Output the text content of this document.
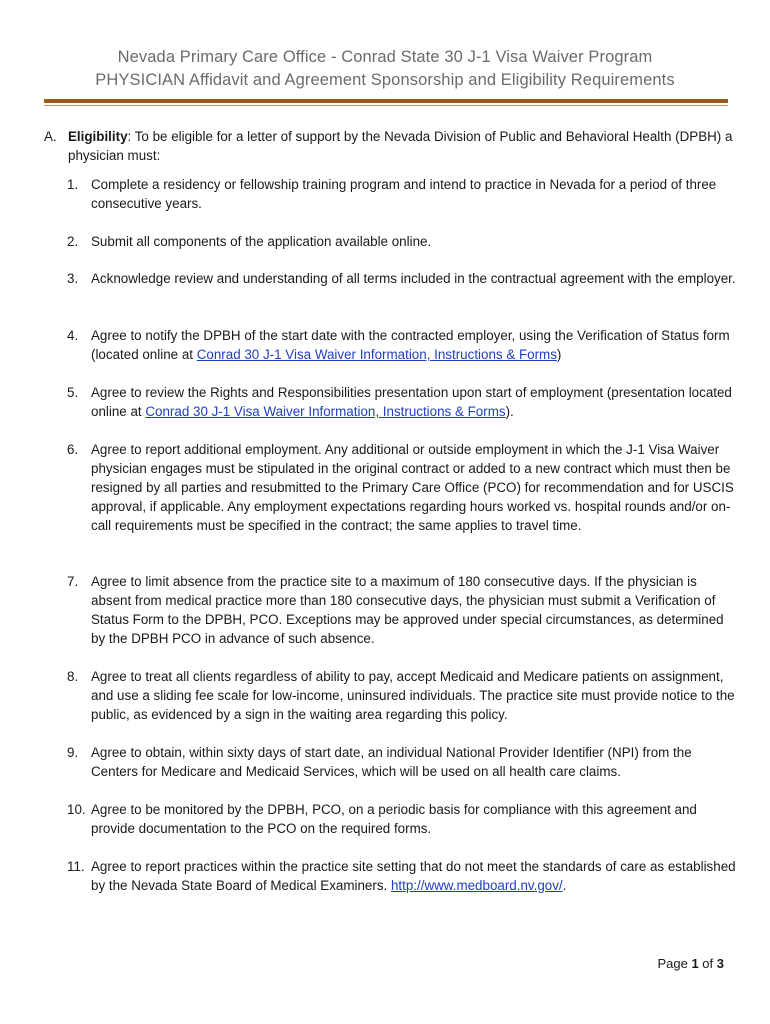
Nevada Primary Care Office - Conrad State 30 J-1 Visa Waiver Program
PHYSICIAN Affidavit and Agreement Sponsorship and Eligibility Requirements
A. Eligibility: To be eligible for a letter of support by the Nevada Division of Public and Behavioral Health (DPBH) a physician must:
1. Complete a residency or fellowship training program and intend to practice in Nevada for a period of three consecutive years.
2. Submit all components of the application available online.
3. Acknowledge review and understanding of all terms included in the contractual agreement with the employer.
4. Agree to notify the DPBH of the start date with the contracted employer, using the Verification of Status form (located online at Conrad 30 J-1 Visa Waiver Information, Instructions & Forms)
5. Agree to review the Rights and Responsibilities presentation upon start of employment (presentation located online at Conrad 30 J-1 Visa Waiver Information, Instructions & Forms).
6. Agree to report additional employment. Any additional or outside employment in which the J-1 Visa Waiver physician engages must be stipulated in the original contract or added to a new contract which must then be resigned by all parties and resubmitted to the Primary Care Office (PCO) for recommendation and for USCIS approval, if applicable. Any employment expectations regarding hours worked vs. hospital rounds and/or on-call requirements must be specified in the contract; the same applies to travel time.
7. Agree to limit absence from the practice site to a maximum of 180 consecutive days. If the physician is absent from medical practice more than 180 consecutive days, the physician must submit a Verification of Status Form to the DPBH, PCO. Exceptions may be approved under special circumstances, as determined by the DPBH PCO in advance of such absence.
8. Agree to treat all clients regardless of ability to pay, accept Medicaid and Medicare patients on assignment, and use a sliding fee scale for low-income, uninsured individuals. The practice site must provide notice to the public, as evidenced by a sign in the waiting area regarding this policy.
9. Agree to obtain, within sixty days of start date, an individual National Provider Identifier (NPI) from the Centers for Medicare and Medicaid Services, which will be used on all health care claims.
10. Agree to be monitored by the DPBH, PCO, on a periodic basis for compliance with this agreement and provide documentation to the PCO on the required forms.
11. Agree to report practices within the practice site setting that do not meet the standards of care as established by the Nevada State Board of Medical Examiners. http://www.medboard.nv.gov/.
Page 1 of 3
